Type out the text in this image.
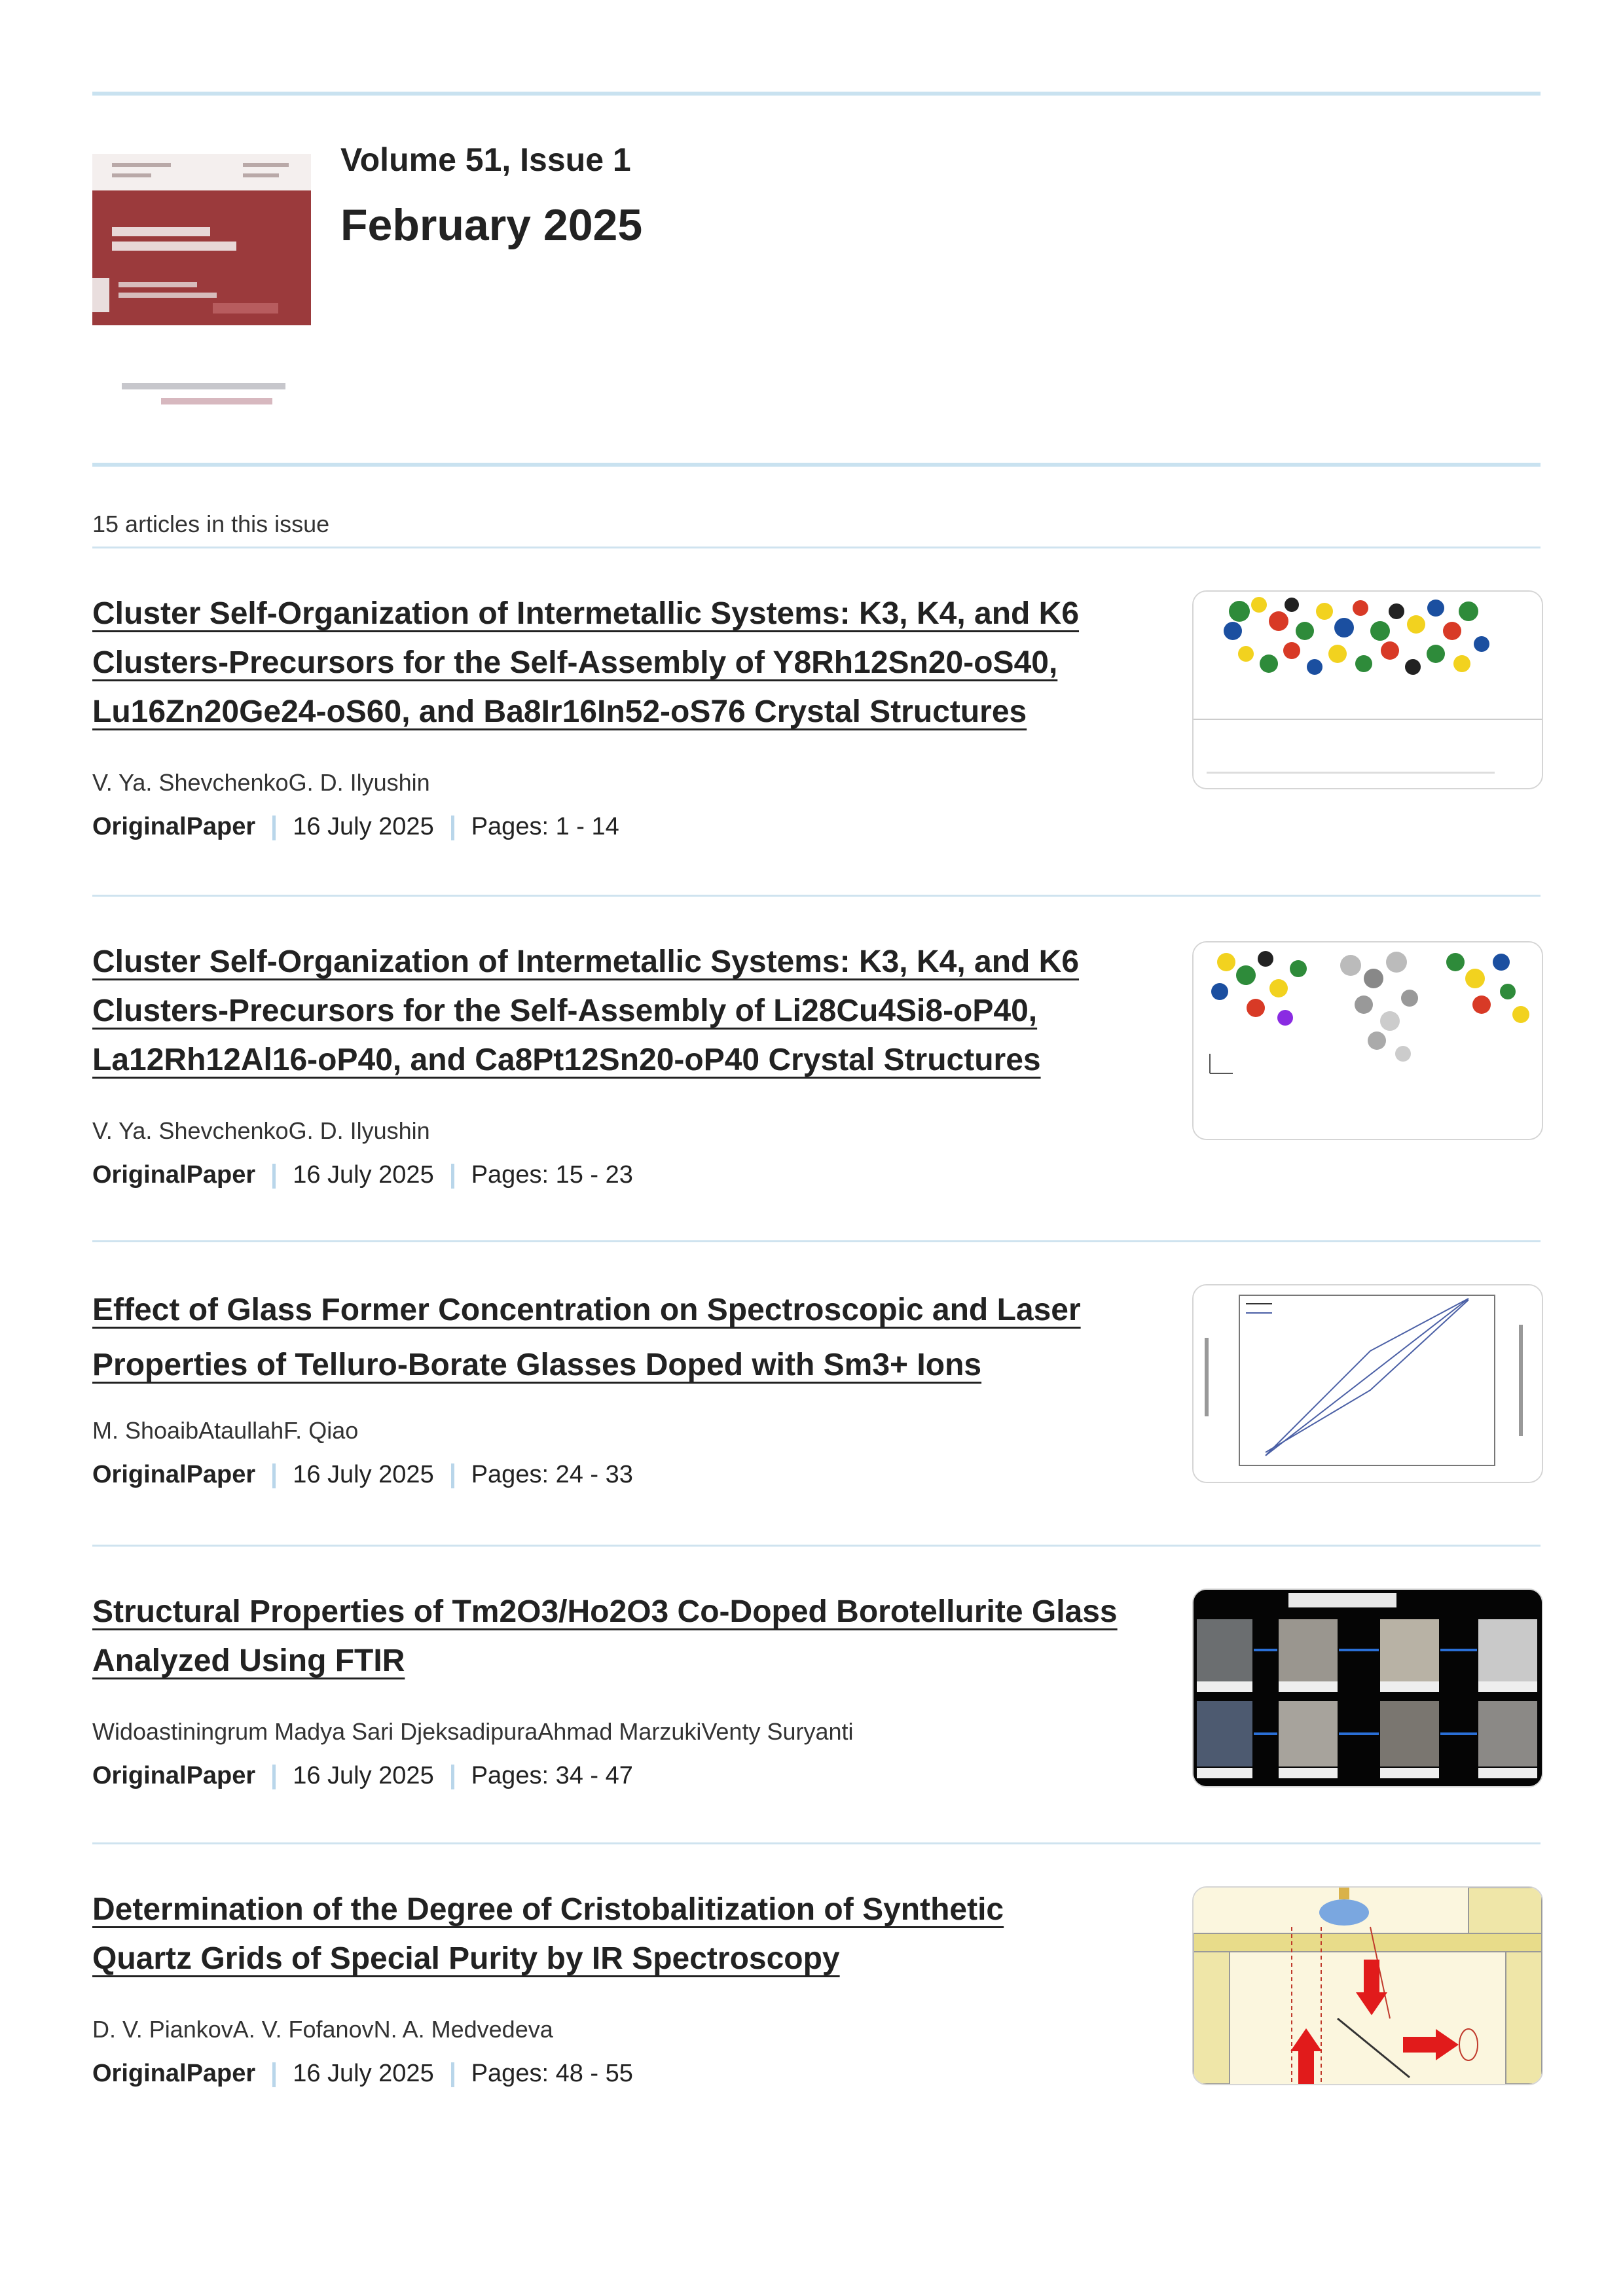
Volume 51, Issue 1
February 2025
15 articles in this issue
Cluster Self-Organization of Intermetallic Systems: K3, K4, and K6
Clusters-Precursors for the Self-Assembly of Y8Rh12Sn20-oS40,
Lu16Zn20Ge24-oS60, and Ba8Ir16In52-oS76 Crystal Structures
V. Ya. ShevchenkoG. D. Ilyushin
OriginalPaper 16 July 2025 Pages: 1 - 14
Cluster Self-Organization of Intermetallic Systems: K3, K4, and K6
Clusters-Precursors for the Self-Assembly of Li28Cu4Si8-oP40,
La12Rh12Al16-oP40, and Ca8Pt12Sn20-oP40 Crystal Structures
V. Ya. ShevchenkoG. D. Ilyushin
OriginalPaper 16 July 2025 Pages: 15 - 23
Effect of Glass Former Concentration on Spectroscopic and Laser
Properties of Telluro-Borate Glasses Doped with Sm3+ Ions
M. ShoaibAtaullahF. Qiao
OriginalPaper 16 July 2025 Pages: 24 - 33
Structural Properties of Tm2O3/Ho2O3 Co-Doped Borotellurite Glass
Analyzed Using FTIR
Widoastiningrum Madya Sari DjeksadipuraAhmad MarzukiVenty Suryanti
OriginalPaper 16 July 2025 Pages: 34 - 47
Determination of the Degree of Cristobalitization of Synthetic
Quartz Grids of Special Purity by IR Spectroscopy
D. V. PiankovA. V. FofanovN. A. Medvedeva
OriginalPaper 16 July 2025 Pages: 48 - 55
